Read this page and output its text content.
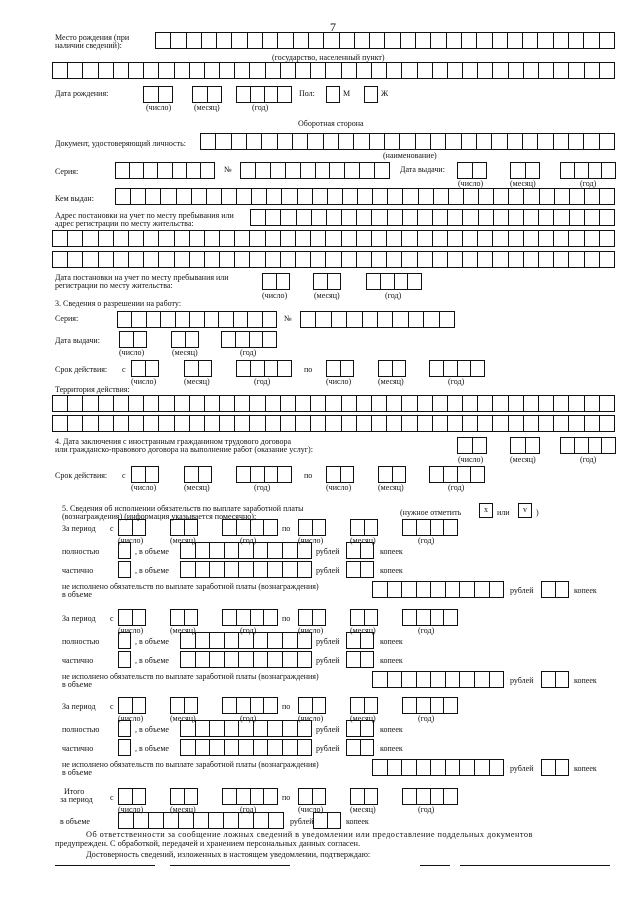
7
Место рождения (при
наличии сведений):
(государство, населенный пункт)
Дата рождения:
(число)	(месяц)	(год)
Пол:	М	Ж
Оборотная сторона
Документ, удостоверяющий личность:
(наименование)
Серия:	№	Дата выдачи:
(число)	(месяц)	(год)
Кем выдан:
Адрес постановки на учет по месту пребывания или
адрес регистрации по месту жительства:
Дата постановки на учет по месту пребывания или
регистрации по месту жительства:
(число)	(месяц)	(год)
3. Сведения о разрешении на работу:
Серия:	№
Дата выдачи:
(число)	(месяц)	(год)
Срок действия: с	по
(число)	(месяц)	(год)	(число)	(месяц)	(год)
Территория действия:
4. Дата заключения с иностранным гражданином трудового договора
или гражданско-правового договора на выполнение работ (оказание услуг):
(число)	(месяц)	(год)
Срок действия: с	по
(число)	(месяц)	(год)	(число)	(месяц)	(год)
5. Сведения об исполнении обязательств по выплате заработной платы
(вознаграждения) (информация указывается помесячно):	(нужное отметить	x	или	v	)
За период с	по
(число)	(месяц)	(год)	(число)	(месяц)	(год)
полностью	, в объеме	рублей	копеек
частично	, в объеме	рублей	копеек
не исполнено обязательств по выплате заработной платы (вознаграждения)
в объеме	рублей	копеек
За период с	по
(число)	(месяц)	(год)	(число)	(месяц)	(год)
полностью	, в объеме	рублей	копеек
частично	, в объеме	рублей	копеек
не исполнено обязательств по выплате заработной платы (вознаграждения)
в объеме	рублей	копеек
За период с	по
(число)	(месяц)	(год)	(число)	(месяц)	(год)
полностью	, в объеме	рублей	копеек
частично	, в объеме	рублей	копеек
не исполнено обязательств по выплате заработной платы (вознаграждения)
в объеме	рублей	копеек
Итого
за период с	по
(число)	(месяц)	(год)	(число)	(месяц)	(год)
в объеме	рублей	копеек
Об ответственности за сообщение ложных сведений в уведомлении или предоставление поддельных документов
предупрежден. С обработкой, передачей и хранением персональных данных согласен.
Достоверность сведений, изложенных в настоящем уведомлении, подтверждаю:
